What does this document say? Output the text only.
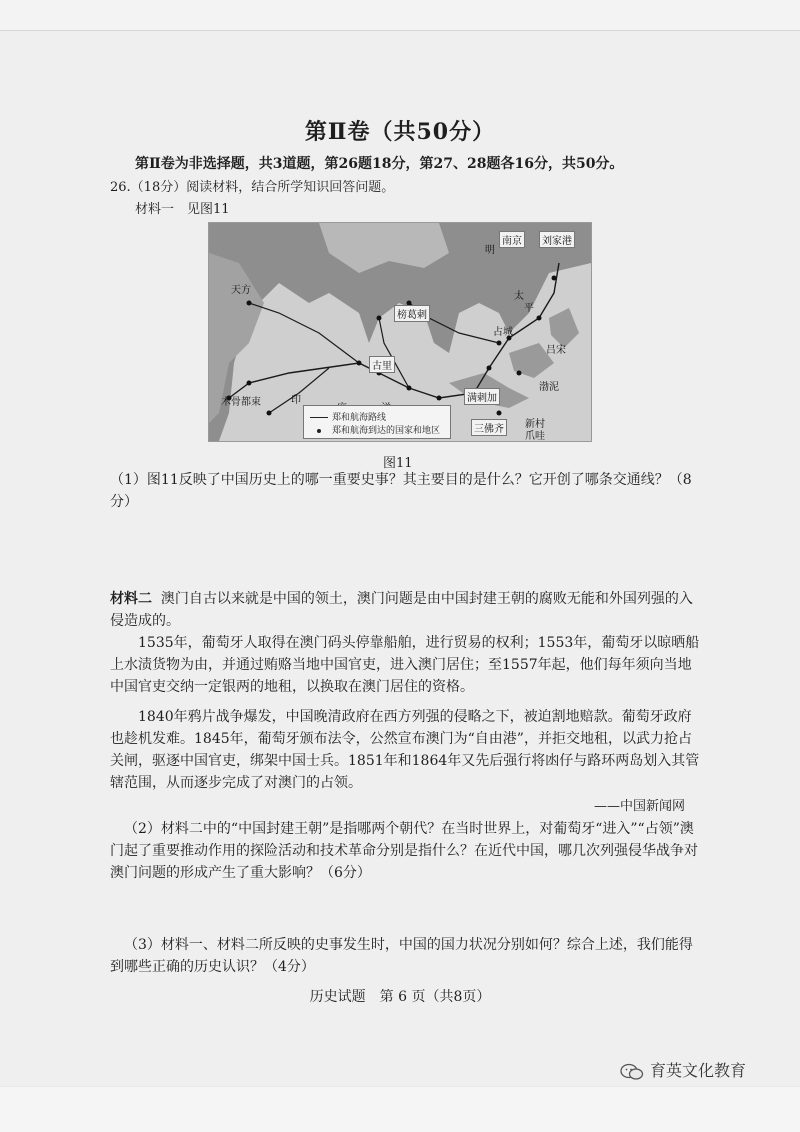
第Ⅱ卷（共50分）
第Ⅱ卷为非选择题，共3道题，第26题18分，第27、28题各16分，共50分。
26.（18分）阅读材料，结合所学知识回答问题。
材料一　见图11
明
南京	刘家港
天方
榜葛剌
古里
占城
吕宋
渤泥
满剌加
三佛齐	新村
爪哇
木骨都束	印
太
平
郑和航海路线
郑和航海到达的国家和地区
图11
（1）图11反映了中国历史上的哪一重要史事？其主要目的是什么？它开创了哪条交通线？（8分）
材料二 澳门自古以来就是中国的领土，澳门问题是由中国封建王朝的腐败无能和外国列强的入侵造成的。
1535年，葡萄牙人取得在澳门码头停靠船舶，进行贸易的权利；1553年，葡萄牙以晾晒船上水渍货物为由，并通过贿赂当地中国官吏，进入澳门居住；至1557年起，他们每年须向当地中国官吏交纳一定银两的地租，以换取在澳门居住的资格。
1840年鸦片战争爆发，中国晚清政府在西方列强的侵略之下，被迫割地赔款。葡萄牙政府也趁机发难。1845年，葡萄牙颁布法令，公然宣布澳门为“自由港”，并拒交地租，以武力抢占关闸，驱逐中国官吏，绑架中国士兵。1851年和1864年又先后强行将凼仔与路环两岛划入其管辖范围，从而逐步完成了对澳门的占领。
——中国新闻网
（2）材料二中的“中国封建王朝”是指哪两个朝代？在当时世界上，对葡萄牙“进入”“占领”澳门起了重要推动作用的探险活动和技术革命分别是指什么？在近代中国，哪几次列强侵华战争对澳门问题的形成产生了重大影响？（6分）
（3）材料一、材料二所反映的史事发生时，中国的国力状况分别如何？综合上述，我们能得到哪些正确的历史认识？（4分）
历史试题　第 6 页（共8页）
育英文化教育
